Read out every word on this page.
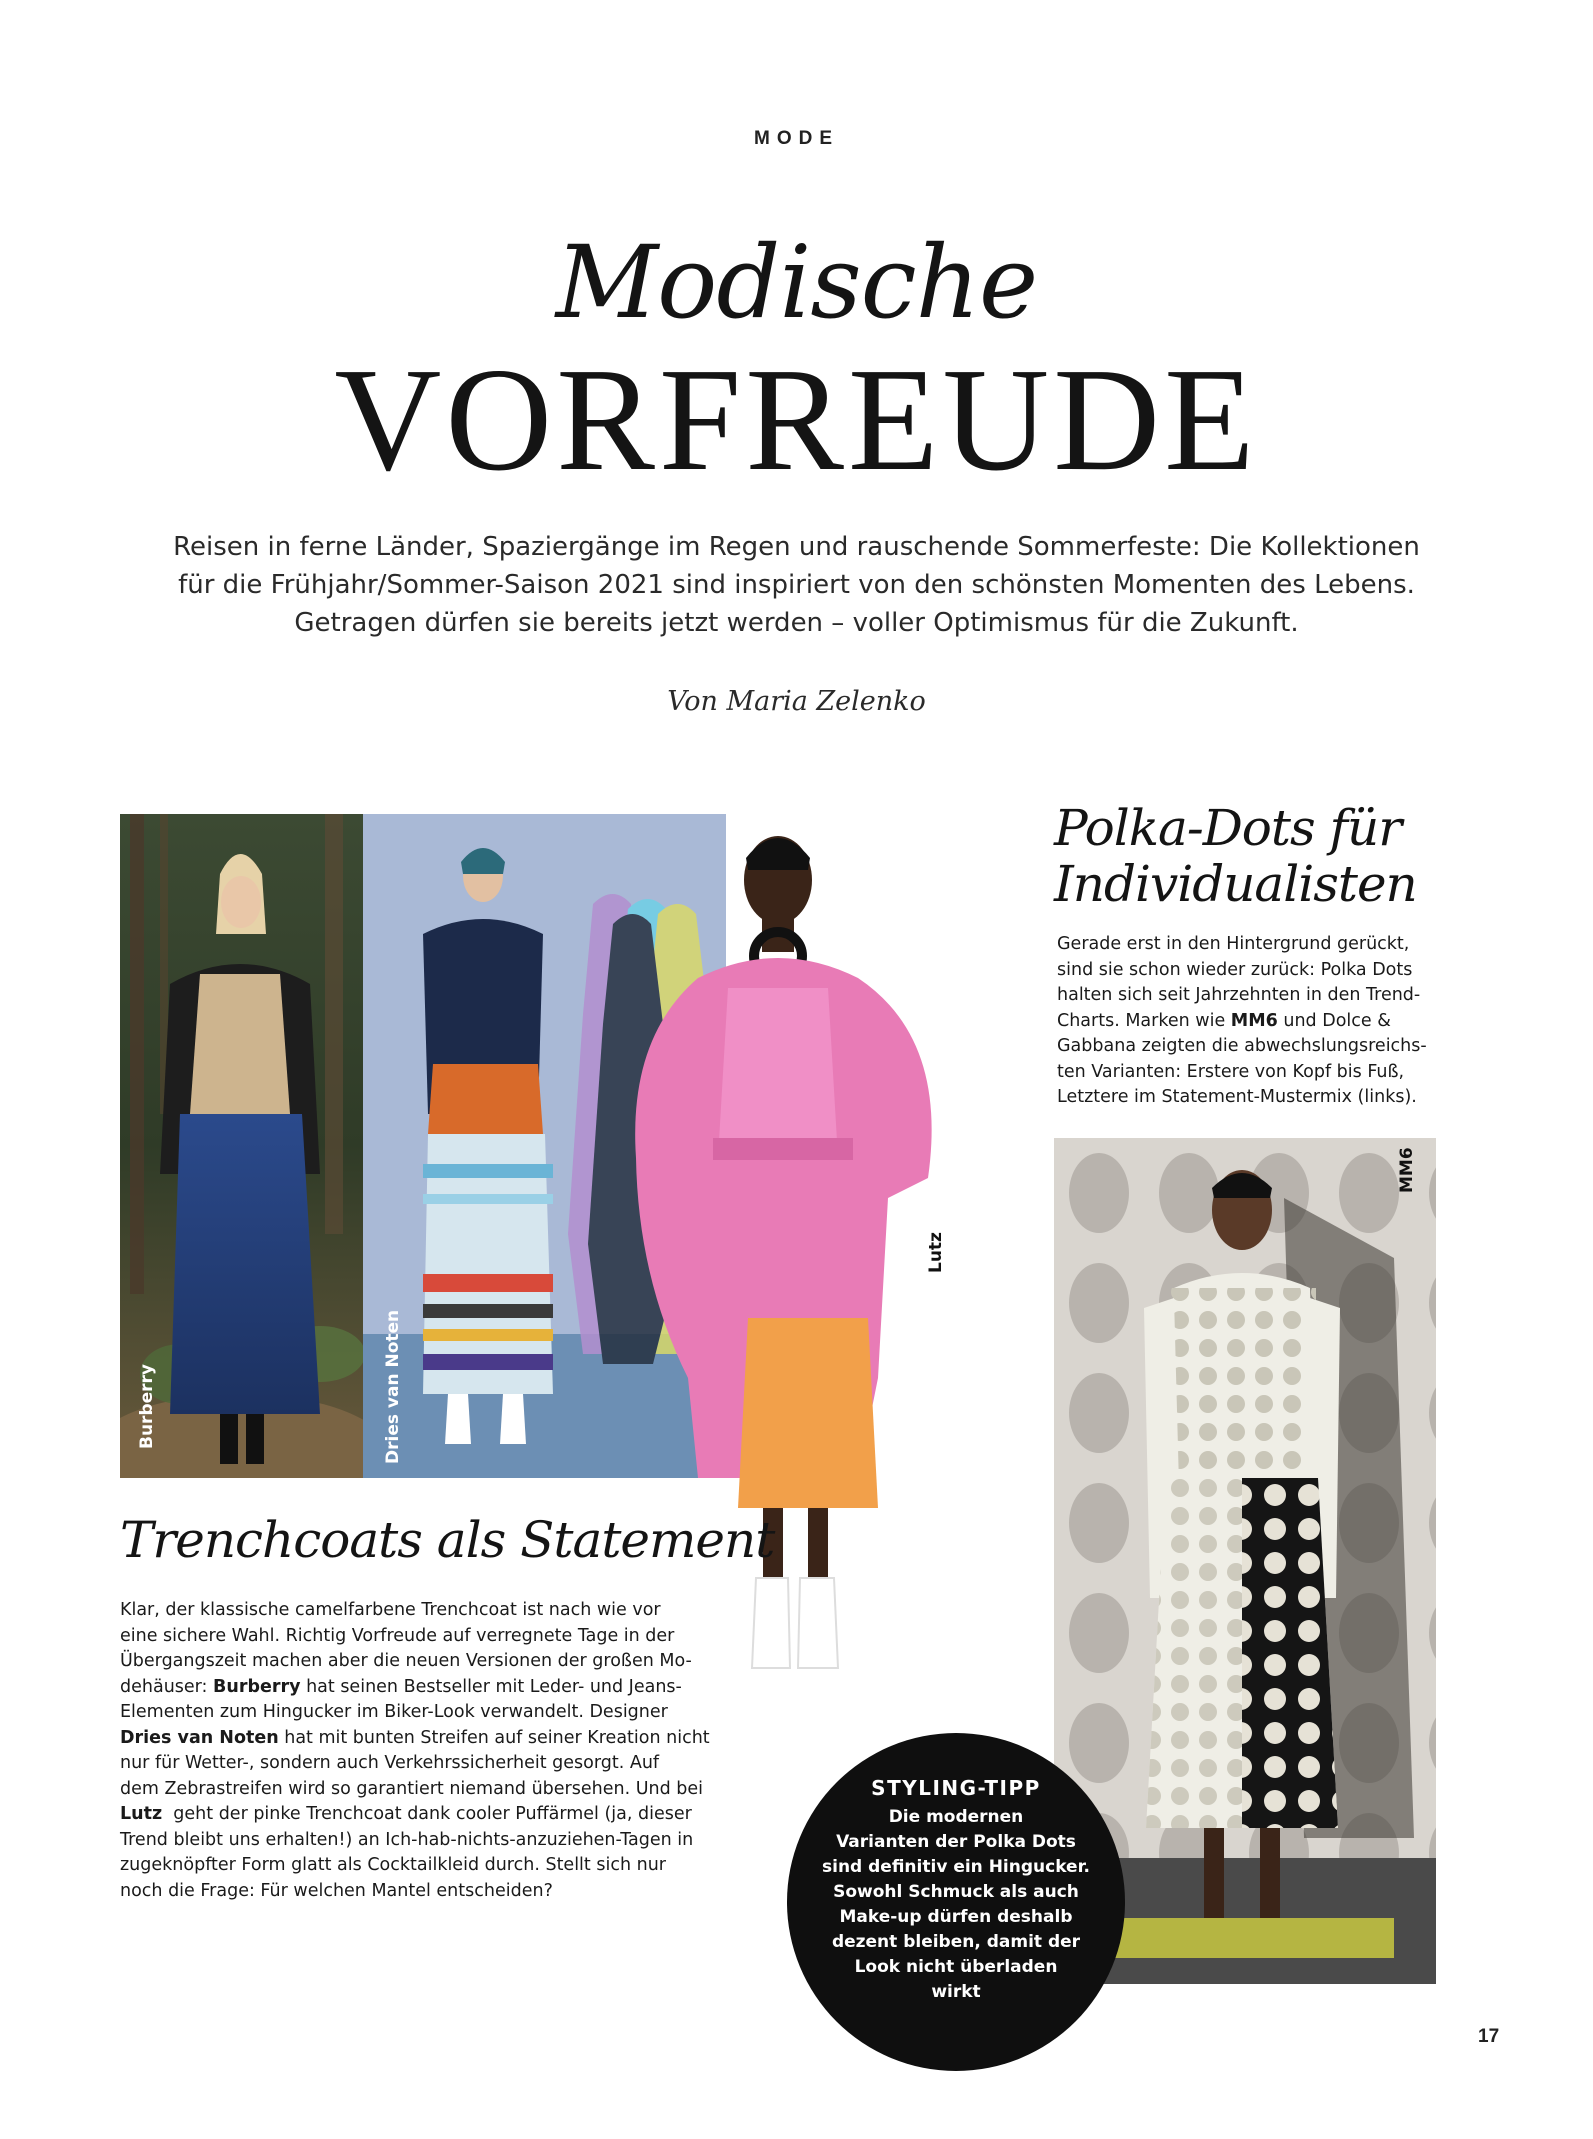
MODE
Modische
VORFREUDE
Reisen in ferne Länder, Spaziergänge im Regen und rauschende Sommerfeste: Die Kollektionen
für die Frühjahr/Sommer-Saison 2021 sind inspiriert von den schönsten Momenten des Lebens.
Getragen dürfen sie bereits jetzt werden – voller Optimismus für die Zukunft.
Von Maria Zelenko
Burberry	Dries van Noten
Lutz
Polka-Dots für
Individualisten
Gerade erst in den Hintergrund gerückt,
sind sie schon wieder zurück: Polka Dots
halten sich seit Jahrzehnten in den Trend-
Charts. Marken wie MM6 und Dolce &
Gabbana zeigten die abwechslungsreichs-
ten Varianten: Erstere von Kopf bis Fuß,
Letztere im Statement-Mustermix (links).
MM6
Trenchcoats als Statement
Klar, der klassische camelfarbene Trenchcoat ist nach wie vor
eine sichere Wahl. Richtig Vorfreude auf verregnete Tage in der
Übergangszeit machen aber die neuen Versionen der großen Mo-
dehäuser: Burberry hat seinen Bestseller mit Leder- und Jeans-
Elementen zum Hingucker im Biker-Look verwandelt. Designer
Dries van Noten hat mit bunten Streifen auf seiner Kreation nicht
nur für Wetter-, sondern auch Verkehrssicherheit gesorgt. Auf
dem Zebrastreifen wird so garantiert niemand übersehen. Und bei
Lutz  geht der pinke Trenchcoat dank cooler Puffärmel (ja, dieser
Trend bleibt uns erhalten!) an Ich-hab-nichts-anzuziehen-Tagen in
zugeknöpfter Form glatt als Cocktailkleid durch. Stellt sich nur
noch die Frage: Für welchen Mantel entscheiden?
STYLING-TIPP
Die modernen
Varianten der Polka Dots
sind definitiv ein Hingucker.
Sowohl Schmuck als auch
Make-up dürfen deshalb
dezent bleiben, damit der
Look nicht überladen
wirkt
17
